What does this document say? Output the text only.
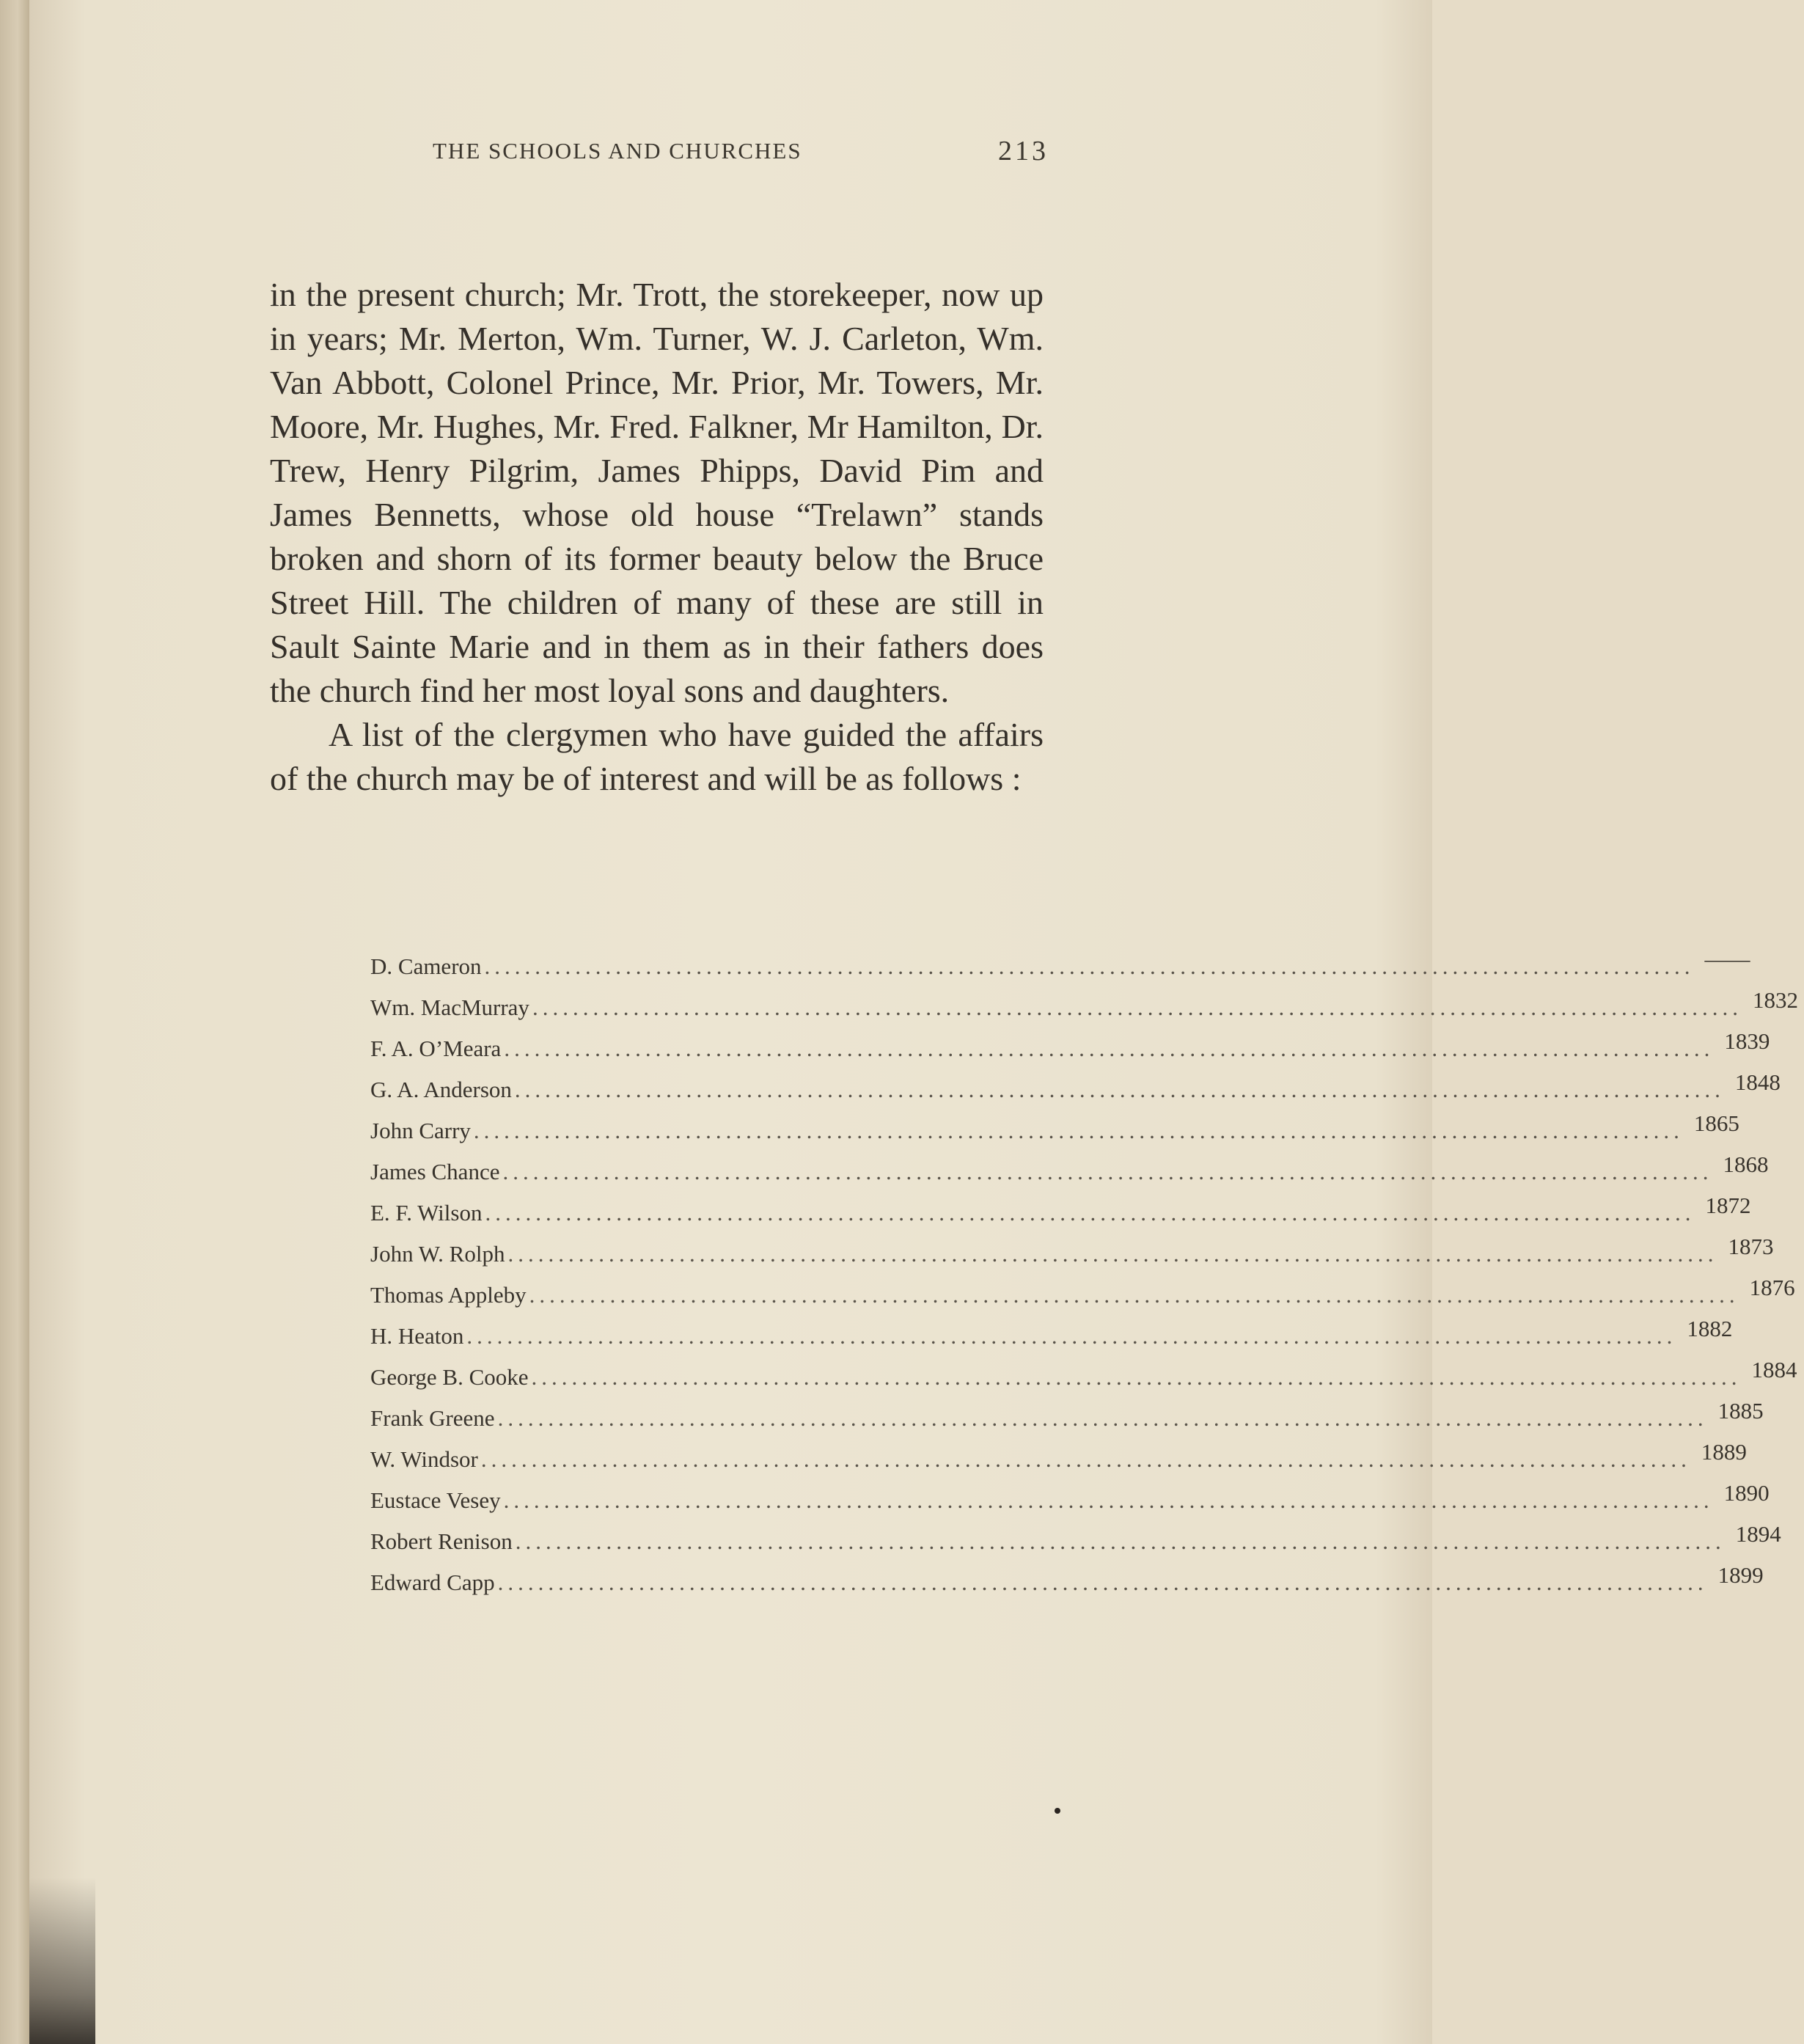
THE SCHOOLS AND CHURCHES	213

in the present church; Mr. Trott, the storekeeper, now up in years; Mr. Merton, Wm. Turner, W. J. Carleton, Wm. Van Abbott, Colonel Prince, Mr. Prior, Mr. Towers, Mr. Moore, Mr. Hughes, Mr. Fred. Falkner, Mr Hamilton, Dr. Trew, Henry Pilgrim, James Phipps, David Pim and James Bennetts, whose old house “Trelawn” stands broken and shorn of its former beauty below the Bruce Street Hill. The children of many of these are still in Sault Sainte Marie and in them as in their fathers does the church find her most loyal sons and daughters.

A list of the clergymen who have guided the affairs of the church may be of interest and will be as follows :

D. Cameron ........................................................................................................................ ——
Wm. MacMurray ........................................................................................................................ 1832
F. A. O’Meara ........................................................................................................................ 1839
G. A. Anderson ........................................................................................................................ 1848
John Carry ........................................................................................................................ 1865
James Chance ........................................................................................................................ 1868
E. F. Wilson ........................................................................................................................ 1872
John W. Rolph ........................................................................................................................ 1873
Thomas Appleby ........................................................................................................................ 1876
H. Heaton ........................................................................................................................ 1882
George B. Cooke ........................................................................................................................ 1884
Frank Greene ........................................................................................................................ 1885
W. Windsor ........................................................................................................................ 1889
Eustace Vesey ........................................................................................................................ 1890
Robert Renison ........................................................................................................................ 1894
Edward Capp ........................................................................................................................ 1899
